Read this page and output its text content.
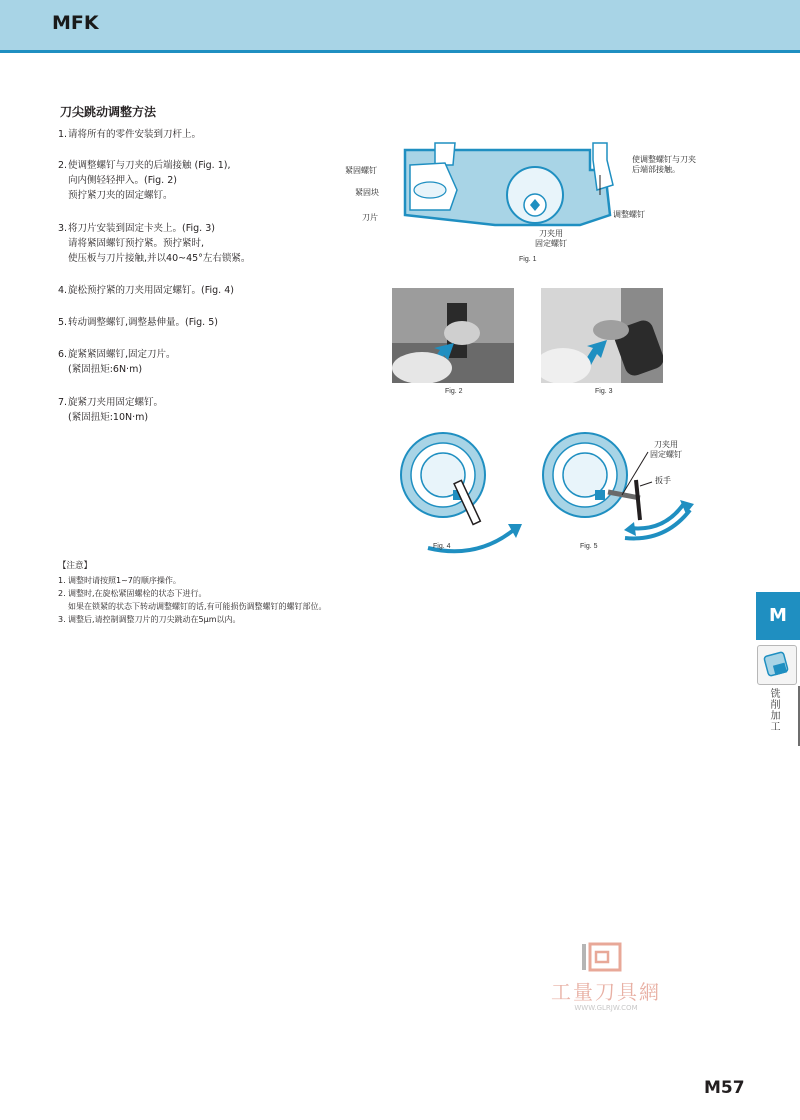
MFK
刀尖跳动调整方法
1.请将所有的零件安装到刀杆上。
2.使调整螺钉与刀夹的后端接触 (Fig. 1),
向内侧轻轻押入。(Fig. 2)
预拧紧刀夹的固定螺钉。
3.将刀片安装到固定卡夹上。(Fig. 3)
请将紧固螺钉预拧紧。预拧紧时,
使压板与刀片接触,并以40~45°左右锁紧。
4.旋松预拧紧的刀夹用固定螺钉。(Fig. 4)
5.转动调整螺钉,调整悬伸量。(Fig. 5)
6.旋紧紧固螺钉,固定刀片。
(紧固扭矩:6N·m)
7.旋紧刀夹用固定螺钉。
(紧固扭矩:10N·m)
紧固螺钉
紧固块
刀片
刀夹用
固定螺钉
调整螺钉
使调整螺钉与刀夹
后端部接触。
Fig. 1
Fig. 2	Fig. 3
Fig. 4
刀夹用
固定螺钉
扳手
Fig. 5
【注意】
1. 调整时请按照1~7的顺序操作。
2. 调整时,在旋松紧固螺栓的状态下进行。
如果在锁紧的状态下转动调整螺钉的话,有可能损伤调整螺钉的螺钉部位。
3. 调整后,请控制调整刀片的刀尖跳动在5μm以内。	M
铣削加工
工量刀具網
WWW.GLRJW.COM
M57
